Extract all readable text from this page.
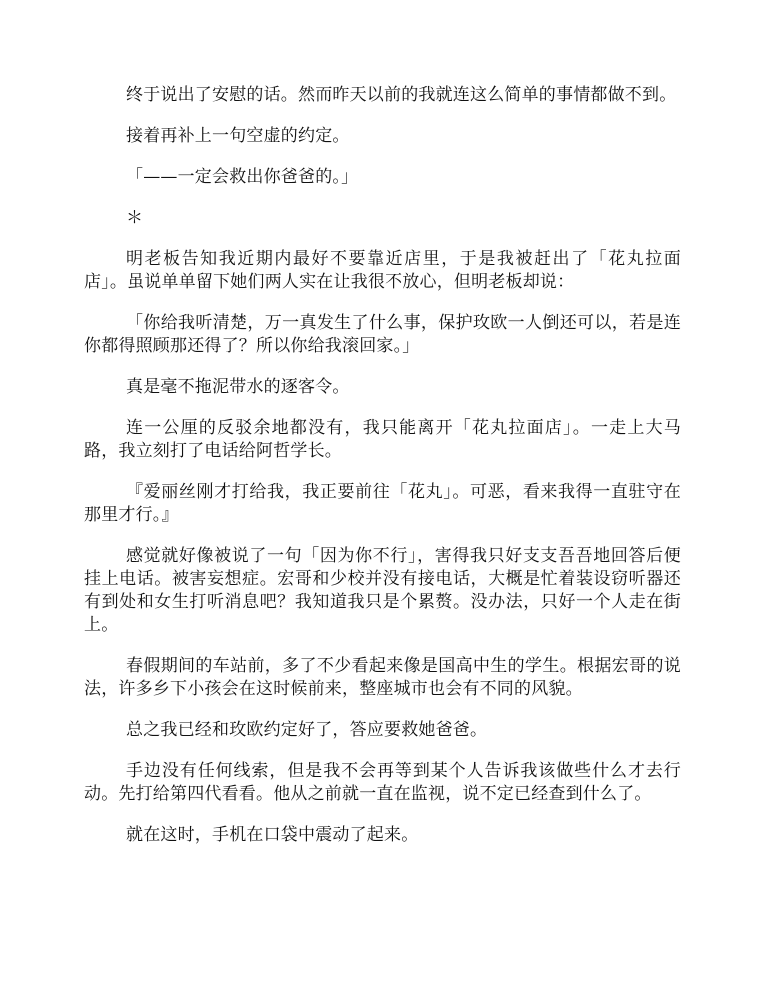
终于说出了安慰的话。然而昨天以前的我就连这么简单的事情都做不到。

接着再补上一句空虚的约定。

「——一定会救出你爸爸的。」

＊

明老板告知我近期内最好不要靠近店里，于是我被赶出了「花丸拉面店」。虽说单单留下她们两人实在让我很不放心，但明老板却说：

「你给我听清楚，万一真发生了什么事，保护玫欧一人倒还可以，若是连你都得照顾那还得了？所以你给我滚回家。」

真是毫不拖泥带水的逐客令。

连一公厘的反驳余地都没有，我只能离开「花丸拉面店」。一走上大马路，我立刻打了电话给阿哲学长。

『爱丽丝刚才打给我，我正要前往「花丸」。可恶，看来我得一直驻守在那里才行。』

感觉就好像被说了一句「因为你不行」，害得我只好支支吾吾地回答后便挂上电话。被害妄想症。宏哥和少校并没有接电话，大概是忙着装设窃听器还有到处和女生打听消息吧？我知道我只是个累赘。没办法，只好一个人走在街上。

春假期间的车站前，多了不少看起来像是国高中生的学生。根据宏哥的说法，许多乡下小孩会在这时候前来，整座城市也会有不同的风貌。

总之我已经和玫欧约定好了，答应要救她爸爸。

手边没有任何线索，但是我不会再等到某个人告诉我该做些什么才去行动。先打给第四代看看。他从之前就一直在监视，说不定已经查到什么了。

就在这时，手机在口袋中震动了起来。
